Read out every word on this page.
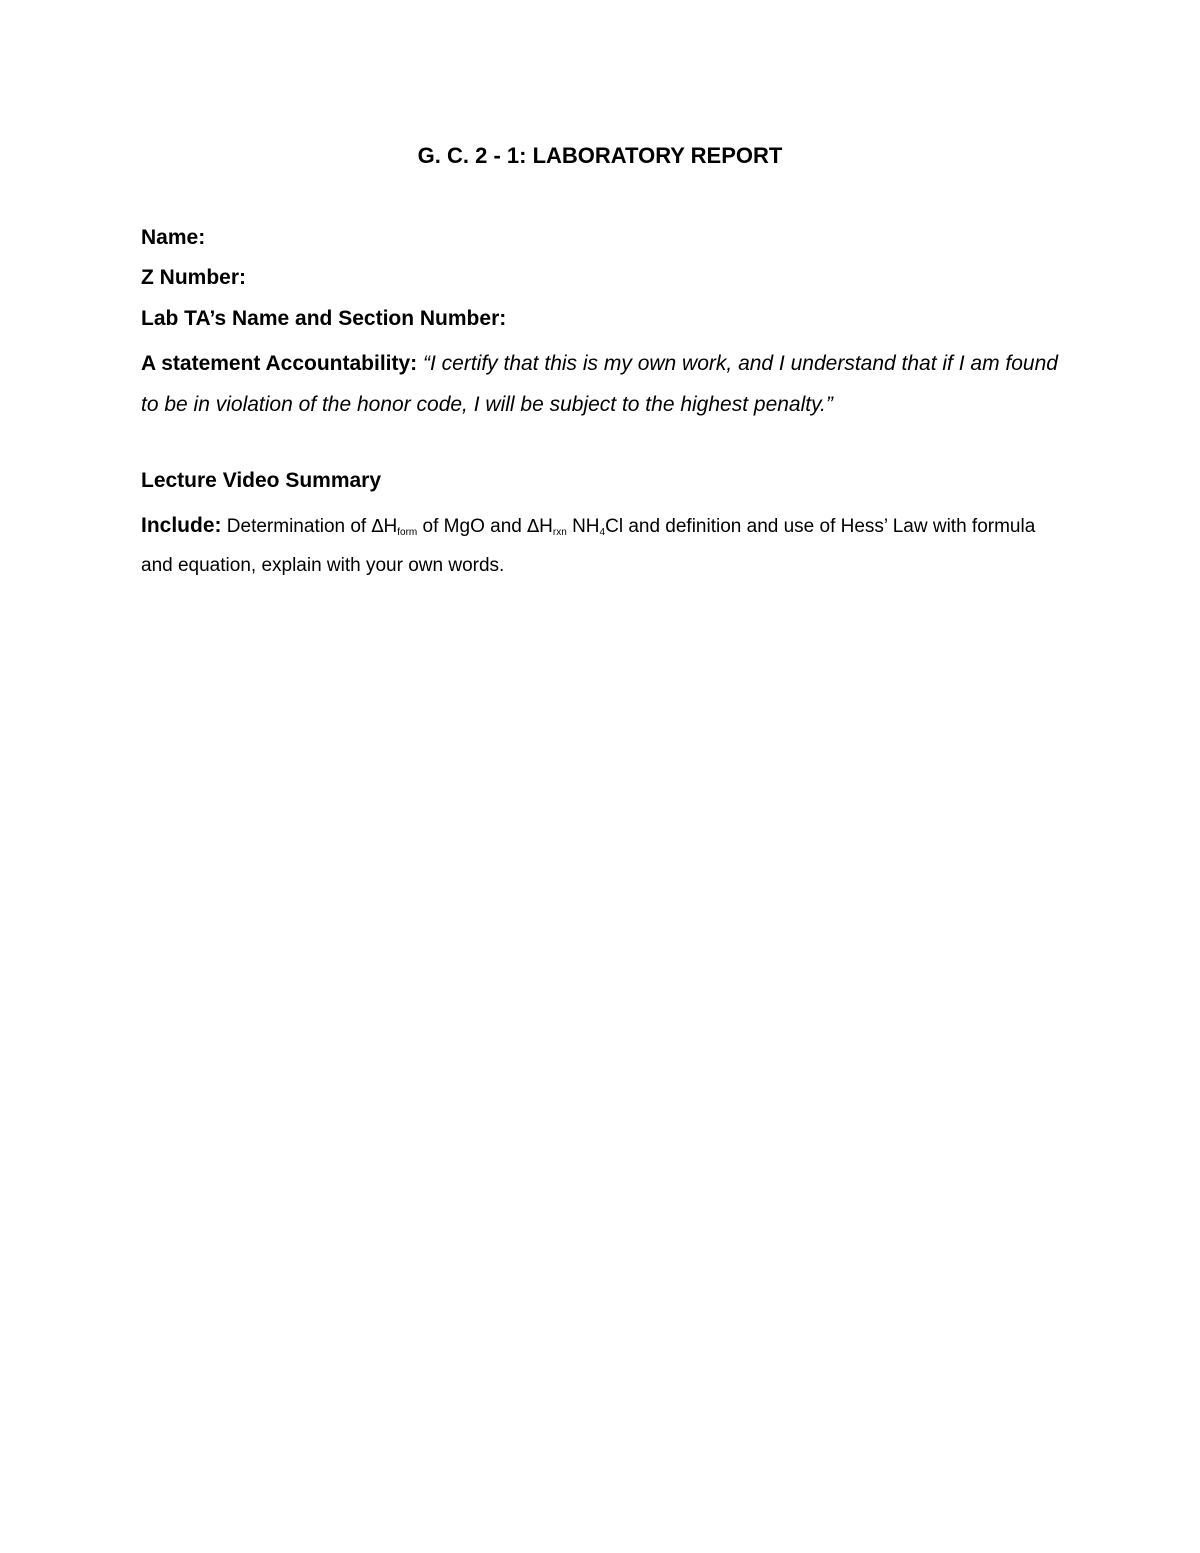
G. C. 2 - 1: LABORATORY REPORT
Name:
Z Number:
Lab TA’s Name and Section Number:
A statement Accountability: “I certify that this is my own work, and I understand that if I am found to be in violation of the honor code, I will be subject to the highest penalty.”
Lecture Video Summary
Include: Determination of $\Delta H_{form}$ of MgO and $\Delta H_{rxn}$ $NH_4Cl$ and definition and use of Hess’ Law with formula and equation, explain with your own words.
